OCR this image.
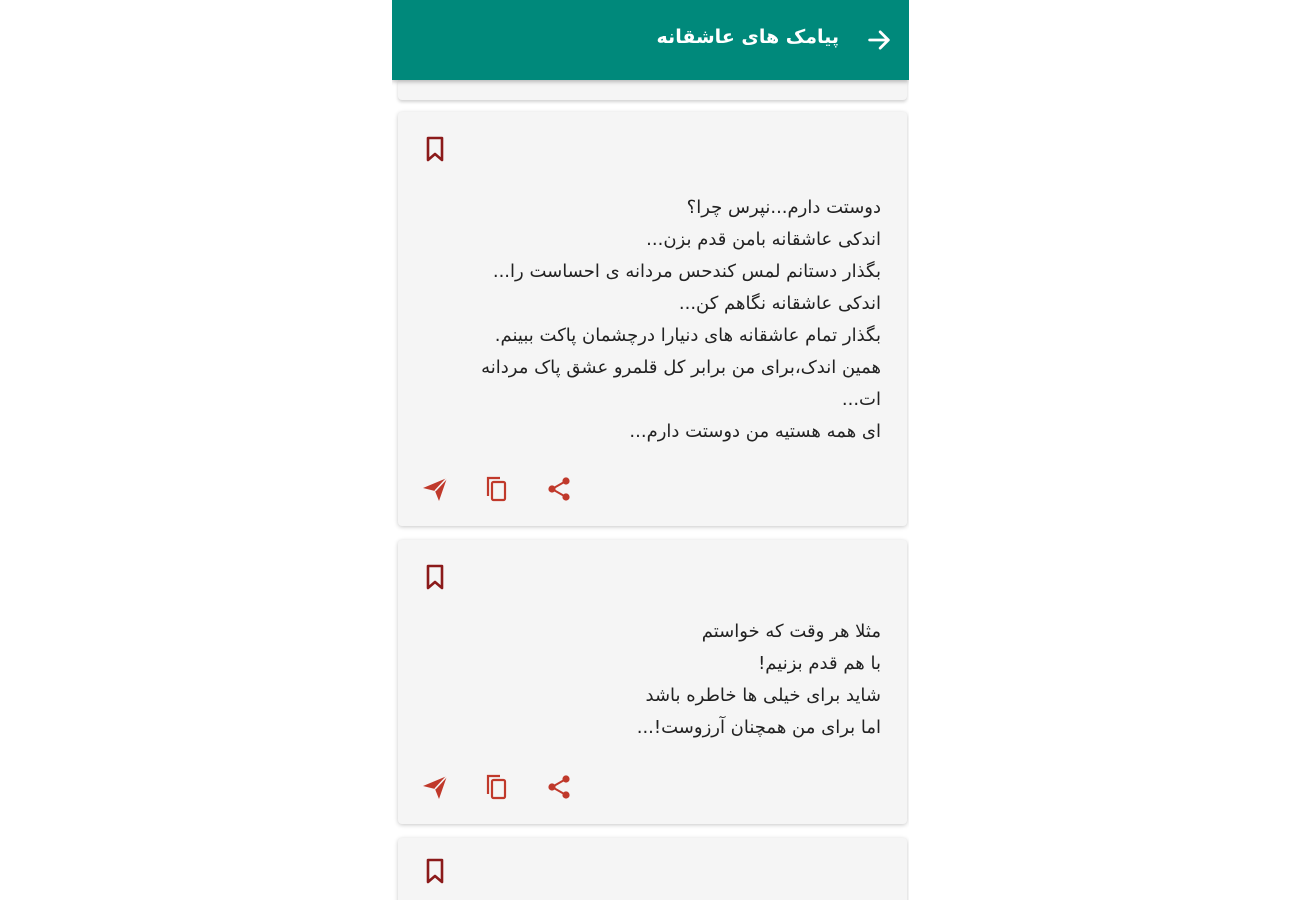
پیامک های عاشقانه
دوستت دارم...نپرس چرا؟
اندکی عاشقانه بامن قدم بزن...
بگذار دستانم لمس کندحس مردانه ی احساست را...
اندکی عاشقانه نگاهم کن...
بگذار تمام عاشقانه های دنیارا درچشمان پاکت ببینم.
همین اندک،برای من برابر کل قلمرو عشق پاک مردانه ات...
ای همه هستیه من دوستت دارم...
مثلا هر وقت که خواستم
با هم قدم بزنیم!
شاید برای خیلی ها خاطره باشد
اما برای من همچنان آرزوست!...
